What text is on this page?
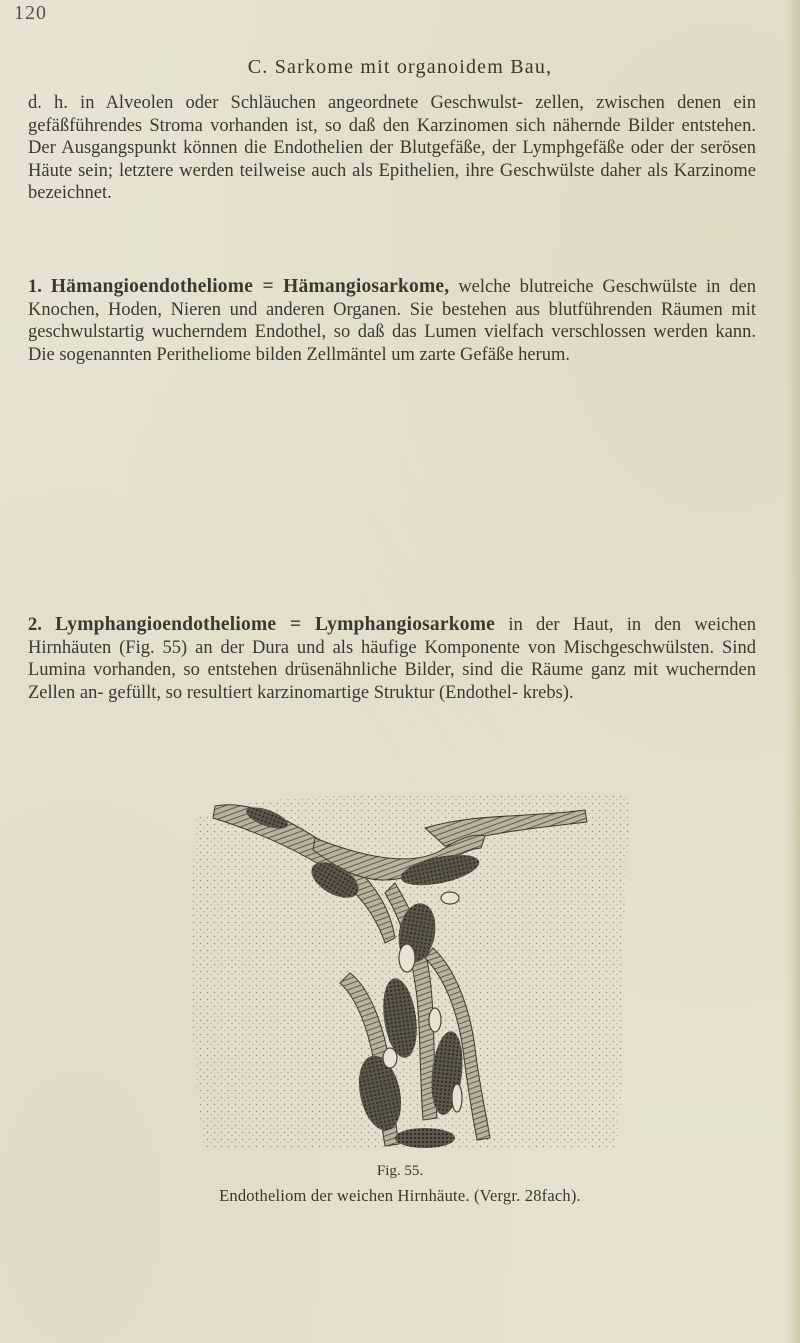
120
C. Sarkome mit organoidem Bau,
d. h. in Alveolen oder Schläuchen angeordnete Geschwulst- zellen, zwischen denen ein gefäßführendes Stroma vorhanden ist, so daß den Karzinomen sich nähernde Bilder entstehen. Der Ausgangspunkt können die Endothelien der Blutgefäße, der Lymphgefäße oder der serösen Häute sein; letztere werden teilweise auch als Epithelien, ihre Geschwülste daher als Karzinome bezeichnet.
1. Hämangioendotheliome = Hämangiosarkome, welche blutreiche Geschwülste in den Knochen, Hoden, Nieren und anderen Organen. Sie bestehen aus blutführenden Räumen mit geschwulstartig wucherndem Endothel, so daß das Lumen vielfach verschlossen werden kann. Die sogenannten Peritheliome bilden Zellmäntel um zarte Gefäße herum.
2. Lymphangioendotheliome = Lymphangiosarkome in der Haut, in den weichen Hirnhäuten (Fig. 55) an der Dura und als häufige Komponente von Mischgeschwülsten. Sind Lumina vorhanden, so entstehen drüsenähnliche Bilder, sind die Räume ganz mit wuchernden Zellen an- gefüllt, so resultiert karzinomartige Struktur (Endothel- krebs).
Fig. 55.
Endotheliom der weichen Hirnhäute. (Vergr. 28fach).
